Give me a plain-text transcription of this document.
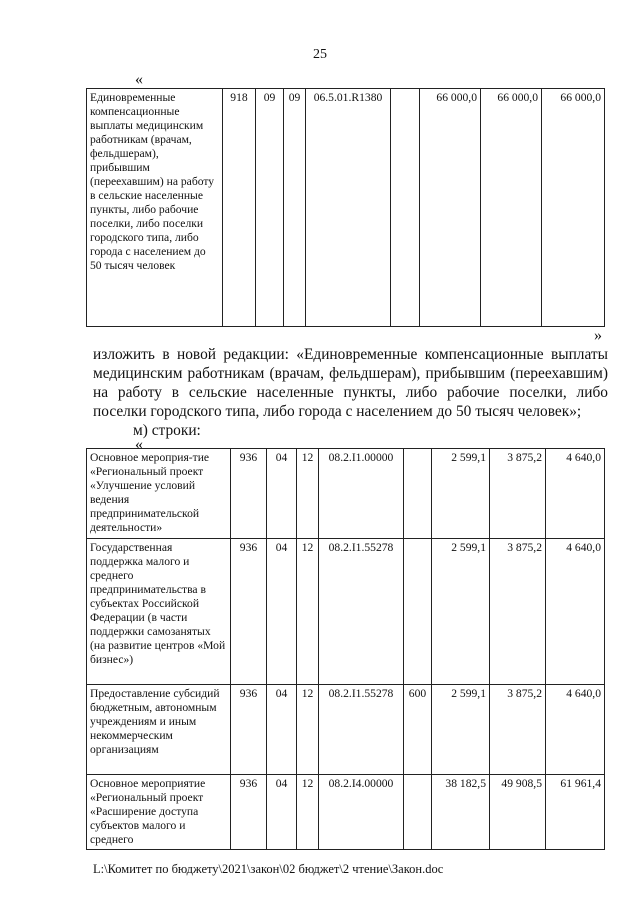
25
«
Единовременные компенсационные выплаты медицинским работникам (врачам, фельдшерам), прибывшим (переехавшим) на работу в сельские населенные пункты, либо рабочие поселки, либо поселки городского типа, либо города с населением до 50 тысяч человек	918	09	09	06.5.01.R1380		66 000,0	66 000,0	66 000,0
»
изложить в новой редакции: «Единовременные компенсационные выплаты
медицинским работникам (врачам, фельдшерам), прибывшим (переехавшим)
на работу в сельские населенные пункты, либо рабочие поселки, либо
поселки городского типа, либо города с населением до 50 тысяч человек»;
м) строки:
«
Основное мероприя-тие «Региональный проект «Улучшение условий ведения предпринимательской деятельности»	936	04	12	08.2.I1.00000		2 599,1	3 875,2	4 640,0
Государственная поддержка малого и среднего предпринимательства в субъектах Российской Федерации (в части поддержки самозанятых (на развитие центров «Мой бизнес»)	936	04	12	08.2.I1.55278		2 599,1	3 875,2	4 640,0
Предоставление субсидий бюджетным, автономным учреждениям и иным некоммерческим организациям	936	04	12	08.2.I1.55278	600	2 599,1	3 875,2	4 640,0
Основное мероприятие «Региональный проект «Расширение доступа субъектов малого и среднего	936	04	12	08.2.I4.00000		38 182,5	49 908,5	61 961,4
L:\Комитет по бюджету\2021\закон\02 бюджет\2 чтение\Закон.doc
